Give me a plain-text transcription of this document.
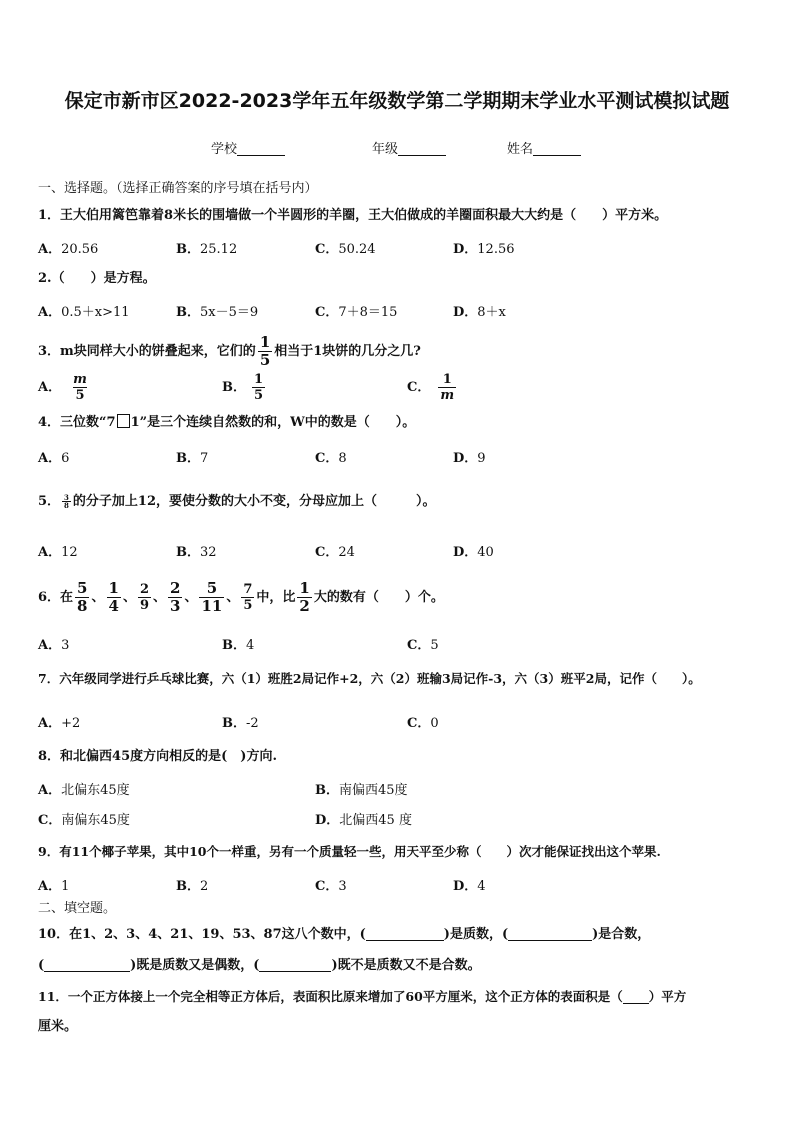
保定市新市区2022-2023学年五年级数学第二学期期末学业水平测试模拟试题
学校	年级	姓名
一、选择题。（选择正确答案的序号填在括号内）
1．王大伯用篱笆靠着8米长的围墙做一个半圆形的羊圈，王大伯做成的羊圈面积最大大约是（　　）平方米。
A．20.56	B．25.12	C．50.24	D．12.56
2.（　　）是方程。
A．0.5＋x>11	B．5x－5＝9	C．7＋8＝15	D．8＋x
3．m块同样大小的饼叠起来，它们的 $\frac{1}{5}$ 相当于1块饼的几分之几?
A． $\frac{m}{5}$	B． $\frac{1}{5}$	C． $\frac{1}{m}$
4．三位数“7 1”是三个连续自然数的和，W中的数是（　　）。
A．6	B．7	C．8	D．9
5． $\frac{3}{8}$ 的分子加上12，要使分数的大小不变，分母应加上（　　　）。
A．12	B．32	C．24	D．40
6．在 $\frac{5}{8}$ 、 $\frac{1}{4}$ 、 $\frac{2}{9}$ 、 $\frac{2}{3}$ 、 $\frac{5}{11}$ 、 $\frac{7}{5}$ 中，比 $\frac{1}{2}$ 大的数有（　　）个。
A．3	B．4	C．5
7．六年级同学进行乒乓球比赛，六（1）班胜2局记作+2，六（2）班输3局记作-3，六（3）班平2局，记作（　　）。
A．+2	B．-2	C．0
8．和北偏西45度方向相反的是(　)方向.
A．北偏东45度	B．南偏西45度
C．南偏东45度	D．北偏西45 度
9．有11个椰子苹果，其中10个一样重，另有一个质量轻一些，用天平至少称（　　）次才能保证找出这个苹果.
A．1	B．2	C．3	D．4
二、填空题。
10．在1、2、3、4、21、19、53、87这八个数中，(	)是质数，(	)是合数，
(	)既是质数又是偶数，(	)既不是质数又不是合数。
11．一个正方体接上一个完全相等正方体后，表面积比原来增加了60平方厘米，这个正方体的表面积是（ ）平方
厘米。
